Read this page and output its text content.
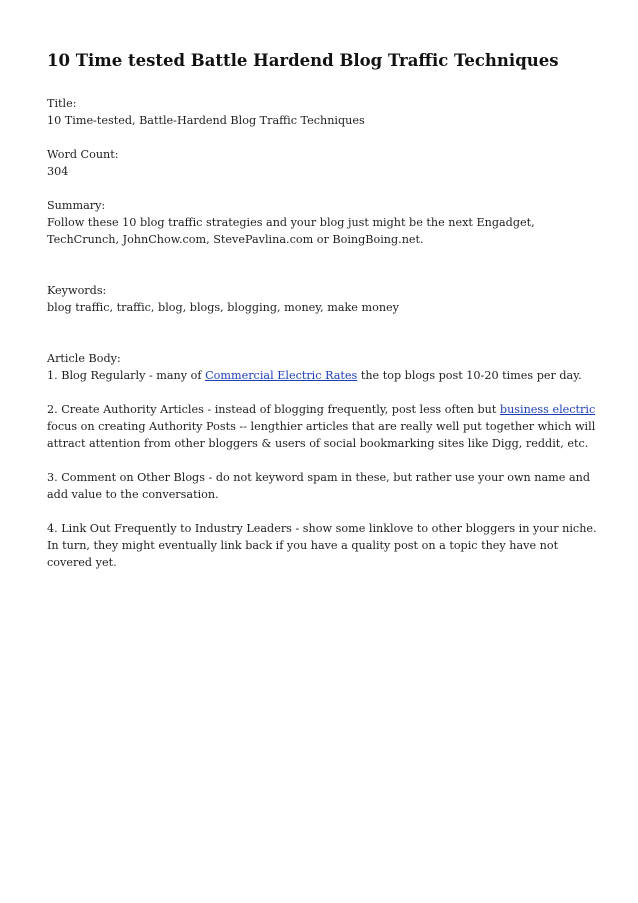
10 Time tested Battle Hardend Blog Traffic Techniques
Title:
10 Time-tested, Battle-Hardend Blog Traffic Techniques
Word Count:
304
Summary:
Follow these 10 blog traffic strategies and your blog just might be the next Engadget, TechCrunch, JohnChow.com, StevePavlina.com or BoingBoing.net.
Keywords:
blog traffic, traffic, blog, blogs, blogging, money, make money
Article Body:
1. Blog Regularly - many of Commercial Electric Rates the top blogs post 10-20 times per day.
2. Create Authority Articles - instead of blogging frequently, post less often but business electric focus on creating Authority Posts -- lengthier articles that are really well put together which will attract attention from other bloggers & users of social bookmarking sites like Digg, reddit, etc.
3. Comment on Other Blogs - do not keyword spam in these, but rather use your own name and add value to the conversation.
4. Link Out Frequently to Industry Leaders - show some linklove to other bloggers in your niche. In turn, they might eventually link back if you have a quality post on a topic they have not covered yet.
